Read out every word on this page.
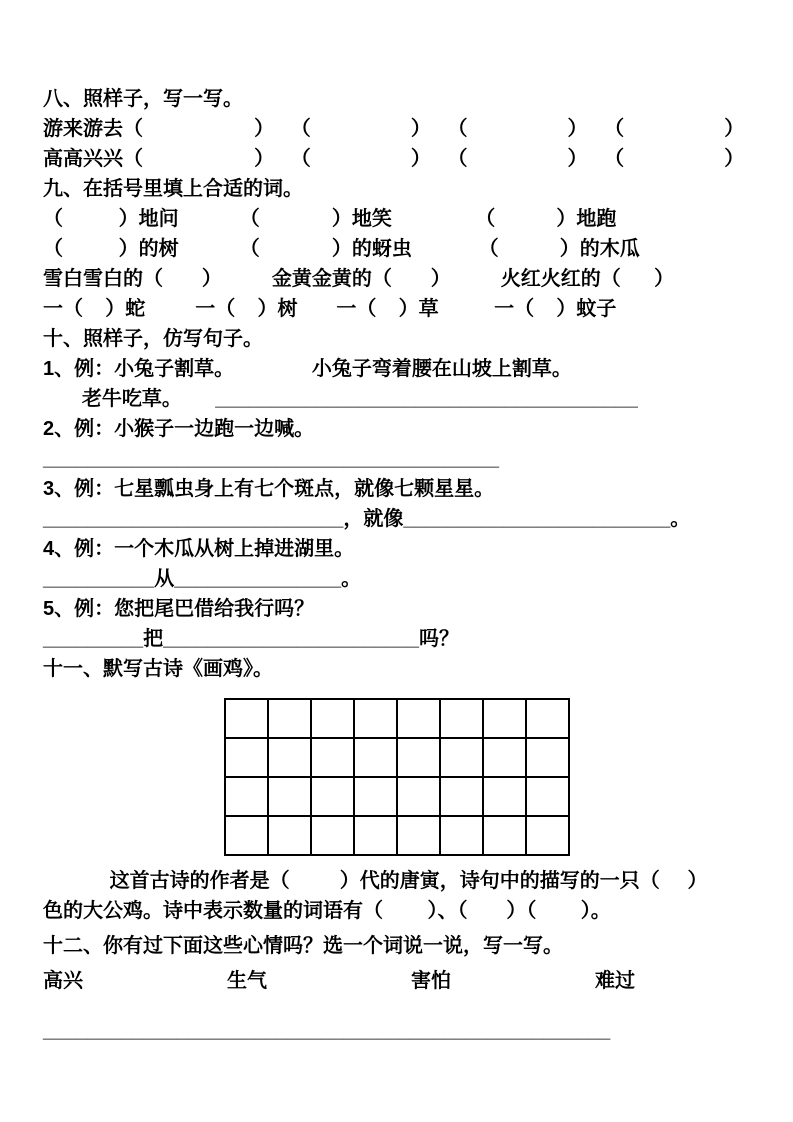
八、照样子，写一写。
游来游去（                    ）   （                  ）   （                  ）   （                  ）
高高兴兴（                    ）   （                  ）   （                  ）   （                  ）
九、在括号里填上合适的词。
（          ）地问           （             ）地笑               （           ）地跑
（          ）的树           （             ）的蚜虫            （           ）的木瓜
雪白雪白的（       ）         金黄金黄的（       ）         火红火红的（      ）
一（    ）蛇         一（    ）树       一（    ）草          一（    ）蚊子
十、照样子，仿写句子。
1、例：小兔子割草。              小兔子弯着腰在山坡上割草。
老牛吃草。      ______________________________________
2、例：小猴子一边跑一边喊。
_________________________________________
3、例：七星瓢虫身上有七个斑点，就像七颗星星。
___________________________，就像________________________。
4、例：一个木瓜从树上掉进湖里。
__________从_______________。
5、例：您把尾巴借给我行吗？
_________把_______________________吗？
十一、默写古诗《画鸡》。
这首古诗的作者是（         ）代的唐寅，诗句中的描写的一只（     ）
色的大公鸡。诗中表示数量的词语有（        ）、（       ）（        ）。
十二、你有过下面这些心情吗？选一个词说一说，写一写。
高兴	生气	害怕	难过
___________________________________________________
